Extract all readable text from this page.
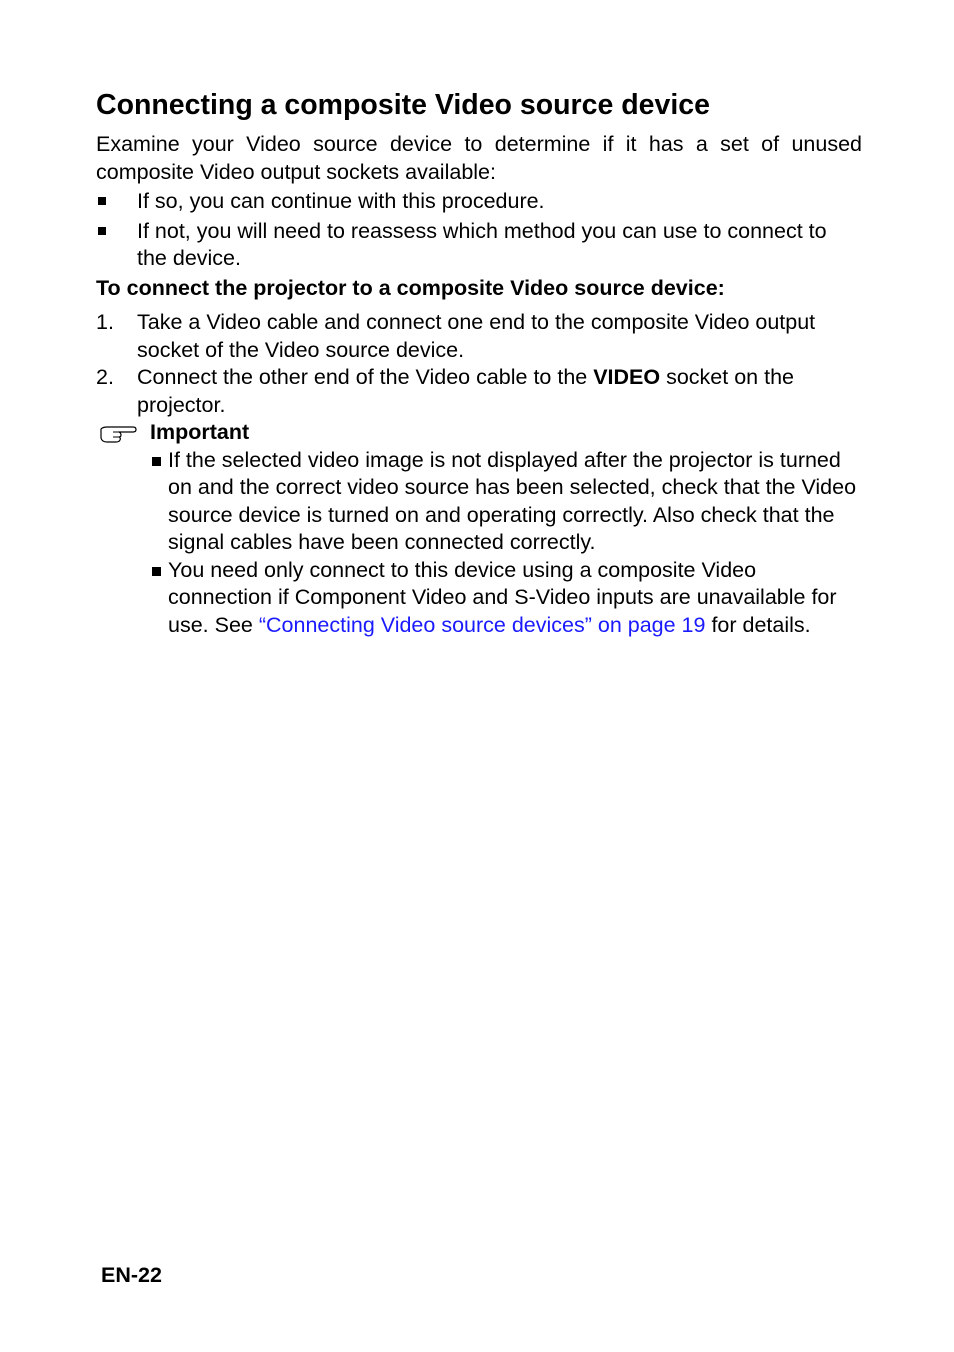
Connecting a composite Video source device

Examine your Video source device to determine if it has a set of unused composite Video output sockets available:

If so, you can continue with this procedure.
If not, you will need to reassess which method you can use to connect to the device.
To connect the projector to a composite Video source device:
1. Take a Video cable and connect one end to the composite Video output socket of the Video source device.
2. Connect the other end of the Video cable to the VIDEO socket on the projector.
Important
If the selected video image is not displayed after the projector is turned on and the correct video source has been selected, check that the Video source device is turned on and operating correctly. Also check that the signal cables have been connected correctly.
You need only connect to this device using a composite Video connection if Component Video and S-Video inputs are unavailable for use. See “Connecting Video source devices” on page 19 for details.
EN-22
